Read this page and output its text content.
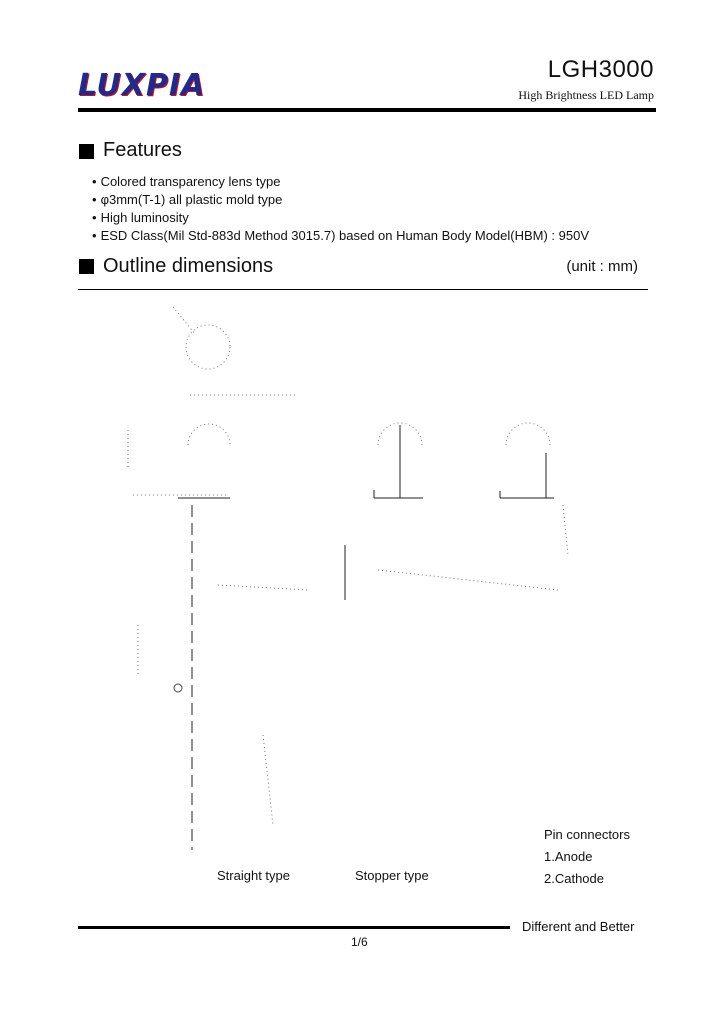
LUXPIA	LGH3000
High Brightness LED Lamp
Features
• Colored transparency lens type
• φ3mm(T-1) all plastic mold type
• High luminosity
• ESD Class(Mil Std-883d Method 3015.7) based on Human Body Model(HBM) : 950V
Outline dimensions	(unit : mm)
Straight type	Stopper type
Pin connectors
1.Anode
2.Cathode
Different and Better
1/6
